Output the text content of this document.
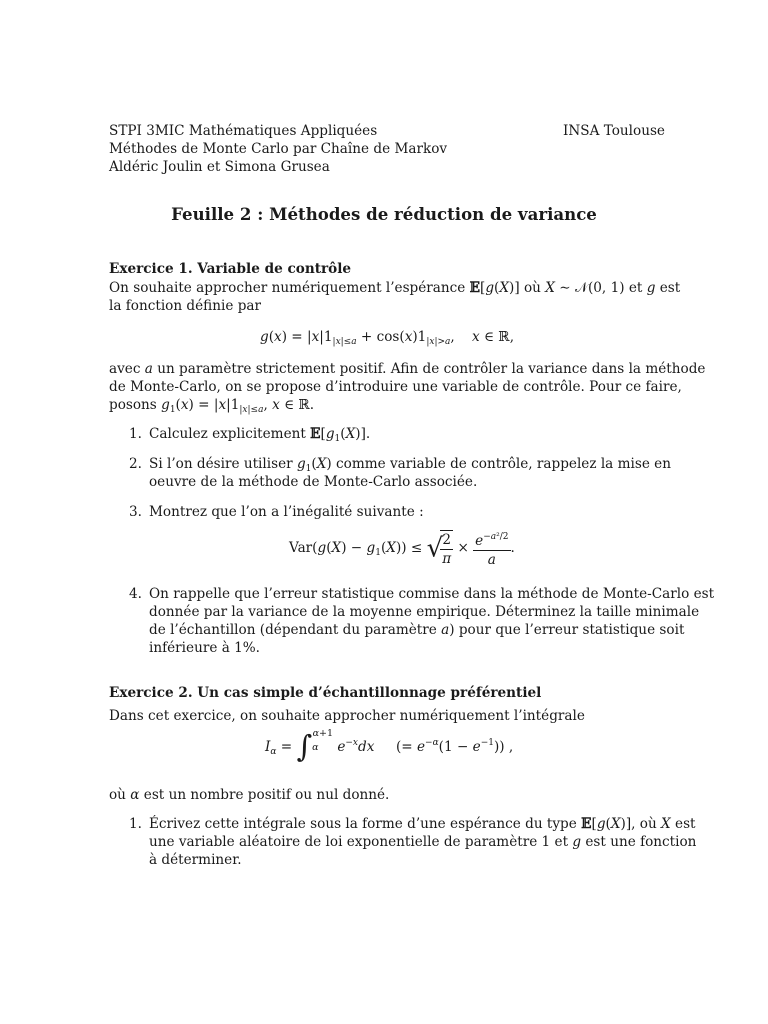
STPI 3MIC Mathématiques Appliquées	INSA Toulouse
Méthodes de Monte Carlo par Chaîne de Markov
Aldéric Joulin et Simona Grusea
Feuille 2 : Méthodes de réduction de variance
Exercice 1. Variable de contrôle
On souhaite approcher numériquement l’espérance 𝔼[g(X)] où X ∼ 𝒩(0, 1) et g est
la fonction définie par
$g(x) = |x|1_{|x|\le a} + \cos(x)1_{|x|>a}$,    x ∈ ℝ,
avec a un paramètre strictement positif. Afin de contrôler la variance dans la méthode
de Monte-Carlo, on se propose d’introduire une variable de contrôle. Pour ce faire,
posons $g_1(x) = |x|1_{|x|\le a}$, x ∈ ℝ.
1. Calculez explicitement $𝔼[g_1(X)]$.
2. Si l’on désire utiliser $g_1(X)$ comme variable de contrôle, rappelez la mise en
oeuvre de la méthode de Monte-Carlo associée.
3. Montrez que l’on a l’inégalité suivante :
$Var(g(X) - g_1(X))$ ≤ √
$\frac{2}{\pi} \times \frac{e^{-a^2/2}}{a}$ .
4. On rappelle que l’erreur statistique commise dans la méthode de Monte-Carlo est
donnée par la variance de la moyenne empirique. Déterminez la taille minimale
de l’échantillon (dépendant du paramètre a) pour que l’erreur statistique soit
inférieure à 1%.
Exercice 2. Un cas simple d’échantillonnage préférentiel
Dans cet exercice, on souhaite approcher numériquement l’intégrale
$I_\alpha$ = ∫ α
α+1 $e^{-x}dx$     (= $e^{-\alpha}(1 - e^{-1})$) ,
où α est un nombre positif ou nul donné.
1. Écrivez cette intégrale sous la forme d’une espérance du type 𝔼[g(X)], où X est
une variable aléatoire de loi exponentielle de paramètre 1 et g est une fonction
à déterminer.
